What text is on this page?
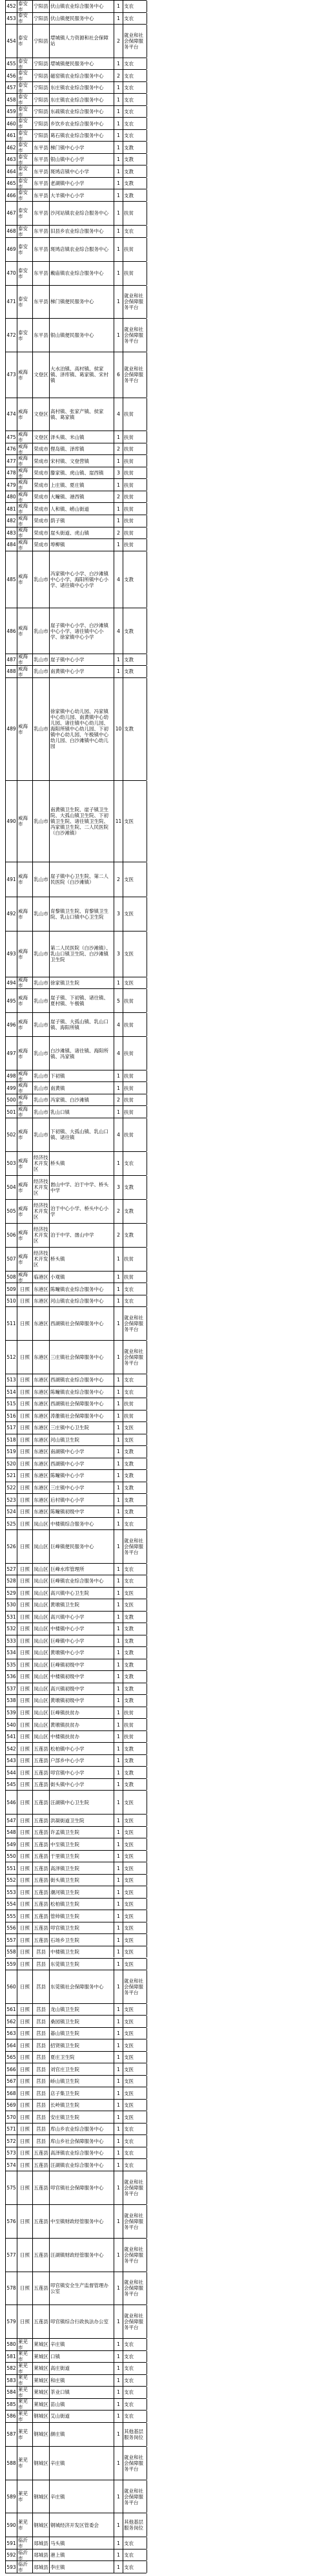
452 泰安市	宁阳县 伏山镇农业综合服务中心	1 支农
453 泰安市	宁阳县 伏山镇便民服务中心	1 支农
454 泰安市	宁阳县 堽城镇人力资源和社会保障站	2
就业和社会保障服务平台
455 泰安市	宁阳县 堽城镇便民服务中心	1 支农
456 泰安市	宁阳县 磁窑镇农业综合服务中心	2 支农
457 泰安市	宁阳县 东庄镇农业综合服务中心	1 支农
458 泰安市	宁阳县 东庄镇农业综合服务中心	1 支农
459 泰安市	宁阳县 东疏镇农业综合服务中心	1 支农
460 泰安市	宁阳县 乡饮乡农业综合服务中心	1 支农
461 泰安市	宁阳县 葛石镇农业综合服务中心	1 支农
462 泰安市	东平县 梯门镇中心小学	1 支教
463 泰安市	东平县 银山镇中心小学	1 支教
464 泰安市	东平县 斑鸠店镇中心小学	1 支教
465 泰安市	东平县 老湖镇中心小学	1 支教
466 泰安市	东平县 大羊镇中心小学	1 支教
467 泰安市	东平县 沙河站镇农业综合服务中心	1 扶贫
468 泰安市	东平县 旧县乡农业综合服务中心	1 支农
469 泰安市	东平县 斑鸠店镇农业综合服务中心	1 扶贫
470 泰安市	东平县 戴庙镇农业综合服务中心	1 扶贫
471 泰安市	东平县 梯门镇便民服务中心	1
就业和社会保障服务平台
472 泰安市	东平县 银山镇便民服务中心	1
就业和社会保障服务平台
473 威海市	文登区
大水泊镇、高村镇、侯家镇、泽库镇、葛家镇、宋村镇
6
就业和社会保障服务平台
474 威海市	文登区 高村镇、张家产镇、侯家镇、葛家镇	4 扶贫
475 威海市	文登区 泽头镇、米山镇	1 扶贫
476 威海市	荣成市 俚岛镇、泽库镇	2 扶贫
477 威海市	荣成市 宋村镇、文登营镇	1 扶贫
478 威海市	荣成市 滕家镇、虎山镇、崖西镇	3 扶贫
479 威海市	荣成市 上庄镇、夏庄镇	1 扶贫
480 威海市	荣成市 大疃镇、港西镇	2 扶贫
481 威海市	荣成市 人和镇、崂山街道	1 扶贫
482 威海市	荣成市 荫子镇	1 扶贫
483 威海市	荣成市 崖头街道、虎山镇	2 扶贫
484 威海市	荣成市 埠柳镇	1 扶贫
485 威海市	乳山市
冯家镇中心小学、白沙滩镇中心小学、海阳所镇中心小学、诸往镇中心小学
4 支教
486 威海市	乳山市
崖子镇中心小学、白沙滩镇中心小学、诸往镇中心小学、徐家镇中心小学
4 支教
487 威海市	乳山市 崖子镇中心小学	1 支教
488 威海市	乳山市 南黄镇中心小学	1 支教
489 威海市	乳山市
徐家镇中心幼儿园、冯家镇中心幼儿园、南黄镇中心幼儿园、诸往镇中心幼儿园、海阳所镇中心幼儿园、下初镇中心幼儿园、午极镇中心幼儿园、白沙滩镇中心幼儿园
10 支教
490 威海市	乳山市
南黄镇卫生院、崖子镇卫生院、大孤山镇卫生院、下初镇卫生院、诸往镇卫生院、冯家镇卫生院、二人民医院（白沙滩镇）
11 支医
491 威海市	乳山市 崖子镇中心卫生院、第二人民医院（白沙滩镇）	2 支医
492 威海市	乳山市 育黎镇卫生院、育黎镇卫生院、乳山口镇中心卫生院	3 支医
493 威海市	乳山市
第二人民医院（白沙滩镇）、乳山口镇卫生院、白沙滩镇卫生院
3 支医
494 威海市	乳山市 徐家镇卫生院	1 支医
495 威海市	乳山市 崖子镇、下初镇、诸往镇、夏村镇、午极镇	5 扶贫
496 威海市	乳山市 崖子镇、大孤山镇、乳山口镇、海阳所镇	4 扶贫
497 威海市	乳山市 白沙滩镇、诸往镇、海阳所镇、冯家镇	4 扶贫
498 威海市	乳山市 下初镇	1 扶贫
499 威海市	乳山市 南黄镇	1 扶贫
500 威海市	乳山市 冯家镇、白沙滩镇	2 扶贫
501 威海市	乳山市 乳山口镇	1 扶贫
502 威海市	乳山市 下初镇、大孤山镇、乳山口镇、诸往镇	4 扶贫
503 威海市
经济技术开发区
桥头镇	1 支农
504 威海市
经济技术开发区
崮山中学、泊于中学、桥头中学	3 支教
505 威海市
经济技术开发区
泊于中心小学、桥头中心小学	2 支教
506 威海市
经济技术开发区
泊于中学、崮山中学	2 支教
507 威海市
经济技术开发区
桥头镇	1 扶贫
508 威海市	临港区 小观镇	1 扶贫
509 日照 东港区 陈疃镇农业综合服务中心	1 支农
510 日照 东港区 河山镇农业综合服务中心	1 支农
511 日照 东港区 西湖镇社会保障服务中心	1
就业和社会保障服务平台
512 日照 东港区 三庄镇社会保障服务中心	1
就业和社会保障服务平台
513 日照 东港区 西湖镇农业综合服务中心	1 支农
514 日照 东港区 陈疃镇农业综合服务中心	1 支农
515 日照 东港区 西湖镇社会保障服务中心	1 扶贫
516 日照 东港区 涛雒镇社会保障服务中心	1 扶贫
517 日照 东港区 三庄镇中心卫生院	1 支医
518 日照 东港区 河山镇卫生院	1 支医
519 日照 东港区 南湖镇中心小学	1 支教
520 日照 东港区 西湖镇中心小学	1 支教
521 日照 东港区 陈疃镇中心小学	1 支教
522 日照 东港区 三庄镇中心小学	1 支教
523 日照 东港区 后村镇中心小学	1 支教
524 日照 东港区 陈疃镇初级中学	1 支教
525 日照 岚山区 中楼镇综合服务中心	1 支农
526 日照 岚山区 巨峰镇便民服务中心	1
就业和社会保障服务平台
527 日照 岚山区 巨峰水库管理所	1 支农
528 日照 岚山区 巨峰镇农业综合服务中心	1 支农
529 日照 岚山区 高兴镇中心卫生院	1 支医
530 日照 岚山区 黄墩镇卫生院	1 支医
531 日照 岚山区 高兴镇中心小学	1 支教
532 日照 岚山区 中楼镇中心小学	1 支教
533 日照 岚山区 巨峰镇中心小学	1 支教
534 日照 岚山区 黄墩镇中心小学	1 支教
535 日照 岚山区 巨峰镇初级中学	1 支教
536 日照 岚山区 中楼镇初级中学	1 支教
537 日照 岚山区 高兴镇初级中学	1 支教
538 日照 岚山区 黄墩镇初级中学	1 支教
539 日照 岚山区 巨峰镇扶贫办	1 扶贫
540 日照 岚山区 黄墩镇扶贫办	1 扶贫
541 日照 岚山区 中楼镇扶贫办	1 扶贫
542 日照 五莲县 松柏镇中心小学	1 支教
543 日照 五莲县 户部乡中心小学	1 支教
544 日照 五莲县 叩官镇中心小学	1 支教
545 日照 五莲县 街头镇中心小学	1 支教
546 日照 五莲县 汪湖镇中心卫生院	1 支医
547 日照 五莲县 洪凝街道卫生院	1 支医
548 日照 五莲县 许孟镇卫生院	1 支医
549 日照 五莲县 中至镇卫生院	1 支医
550 日照 五莲县 于里镇卫生院	1 支医
551 日照 五莲县 高泽镇卫生院	1 支医
552 日照 五莲县 街头镇卫生院	1 支医
553 日照 五莲县 潮河镇卫生院	1 支医
554 日照 五莲县 松柏镇卫生院	1 支医
555 日照 五莲县 管帅镇卫生院	1 支医
556 日照 五莲县 叩官镇卫生院	1 支医
557 日照 五莲县 石场乡卫生院	1 支医
558 日照	莒县 中楼镇卫生院	1 支医
559 日照	莒县 东莞镇卫生院	1 支医
560 日照	莒县 东莞镇社会保障服务中心	1
就业和社会保障服务平台
561 日照	莒县 龙山镇卫生院	1 支医
562 日照	莒县 桑园镇卫生院	1 支医
563 日照	莒县 碁山镇卫生院	1 支医
564 日照	莒县 招贤镇卫生院	1 支医
565 日照	莒县 夏庄卫生院	1 支医
566 日照	莒县 刘官庄卫生院	1 支医
567 日照	莒县 峤山镇卫生院	1 支医
568 日照	莒县 店子集卫生院	1 支医
569 日照	莒县 长岭镇卫生院	1 支医
570 日照	莒县 安庄镇卫生院	1 支医
571 日照	莒县 库山乡农业综合服务中心	1 支农
572 日照	莒县 库山乡社会保障服务中心	1 支农
573 日照 五莲县 高泽镇农业综合服务中心	1 支农
574 日照 五莲县 汪湖镇农业综合服务中心	1 支农
575 日照 五莲县 叩官镇社会保障服务中心	1
就业和社会保障服务平台
576 日照 五莲县 中至镇财政经管服务中心	1
就业和社会保障服务平台
577 日照 五莲县 汪湖镇财政经管服务中心	1
就业和社会保障服务平台
578 日照 五莲县 叩官镇安全生产监督管理办公室	1
就业和社会保障服务平台
579 日照 五莲县 叩官镇综合行政执法办公室	1
就业和社会保障服务平台
580 莱芜市	莱城区 辛庄镇	1 支农
581 莱芜市	莱城区 口镇	1 支农
582 莱芜市	莱城区 高庄街道	1 支农
583 莱芜市	莱城区 和庄镇	1 支农
584 莱芜市	莱城区 茶业口镇	1 支农
585 莱芜市	莱城区 苗山镇	1 支农
586 莱芜市	钢城区 艾山街道	1 支农
587 莱芜市	钢城区 颜庄镇	1 其他基层服务岗位
588 莱芜市	钢城区 辛庄镇	1
就业和社会保障服务平台
589 莱芜市	钢城区 辛庄镇	1
就业和社会保障服务平台
590 莱芜市	钢城区 钢城经济开发区管委会	1 其他基层服务岗位
591 临沂市	郯城县 马头镇	1 支农
592 临沂市	郯城县 港上镇	1 支农
593 临沂市	郯城县 李庄镇	1 支农
